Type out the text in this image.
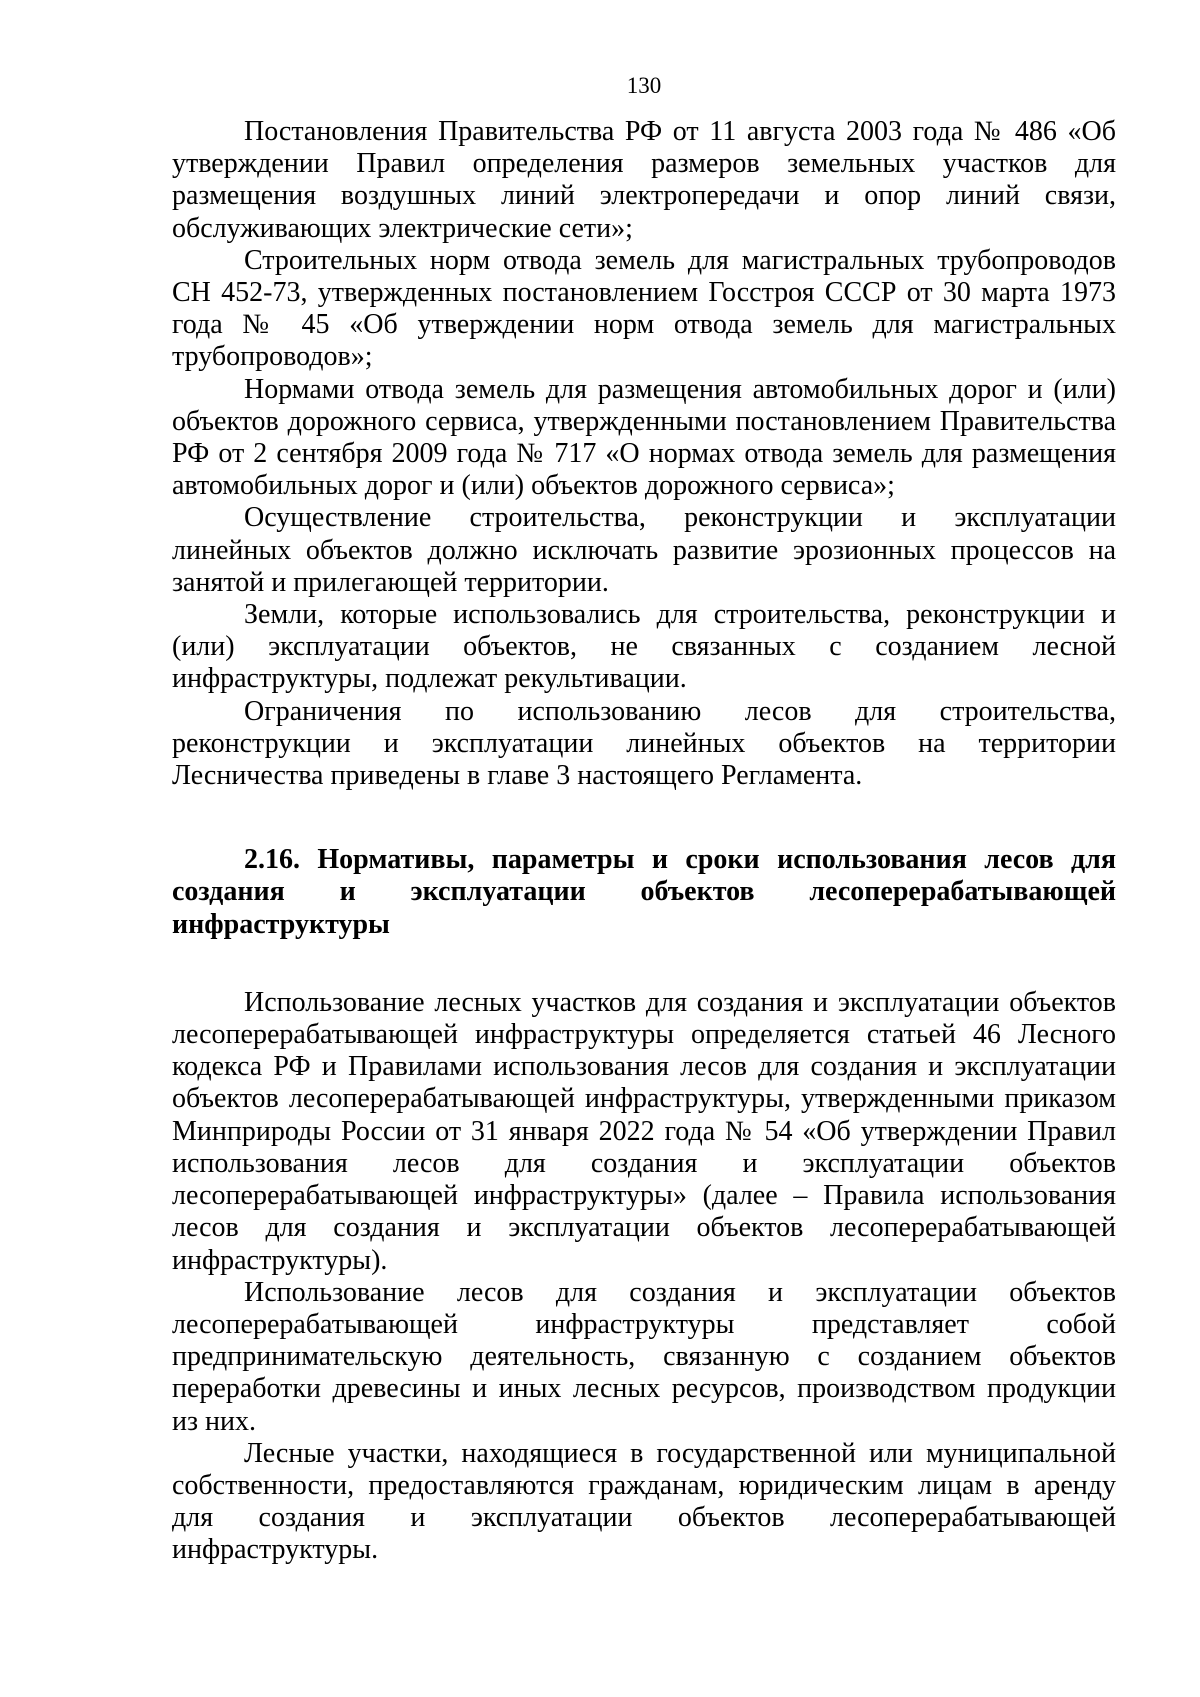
130

Постановления Правительства РФ от 11 августа 2003 года № 486 «Об утверждении Правил определения размеров земельных участков для размещения воздушных линий электропередачи и опор линий связи, обслуживающих электрические сети»;

Строительных норм отвода земель для магистральных трубопроводов СН 452-73, утвержденных постановлением Госстроя СССР от 30 марта 1973 года № 45 «Об утверждении норм отвода земель для магистральных трубопроводов»;

Нормами отвода земель для размещения автомобильных дорог и (или) объектов дорожного сервиса, утвержденными постановлением Правительства РФ от 2 сентября 2009 года № 717 «О нормах отвода земель для размещения автомобильных дорог и (или) объектов дорожного сервиса»;

Осуществление строительства, реконструкции и эксплуатации линейных объектов должно исключать развитие эрозионных процессов на занятой и прилегающей территории.

Земли, которые использовались для строительства, реконструкции и (или) эксплуатации объектов, не связанных с созданием лесной инфраструктуры, подлежат рекультивации.

Ограничения по использованию лесов для строительства, реконструкции и эксплуатации линейных объектов на территории Лесничества приведены в главе 3 настоящего Регламента.

2.16. Нормативы, параметры и сроки использования лесов для создания и эксплуатации объектов лесоперерабатывающей инфраструктуры

Использование лесных участков для создания и эксплуатации объектов лесоперерабатывающей инфраструктуры определяется статьей 46 Лесного кодекса РФ и Правилами использования лесов для создания и эксплуатации объектов лесоперерабатывающей инфраструктуры, утвержденными приказом Минприроды России от 31 января 2022 года № 54 «Об утверждении Правил использования лесов для создания и эксплуатации объектов лесоперерабатывающей инфраструктуры» (далее – Правила использования лесов для создания и эксплуатации объектов лесоперерабатывающей инфраструктуры).

Использование лесов для создания и эксплуатации объектов лесоперерабатывающей инфраструктуры представляет собой предпринимательскую деятельность, связанную с созданием объектов переработки древесины и иных лесных ресурсов, производством продукции из них.

Лесные участки, находящиеся в государственной или муниципальной собственности, предоставляются гражданам, юридическим лицам в аренду для создания и эксплуатации объектов лесоперерабатывающей инфраструктуры.
